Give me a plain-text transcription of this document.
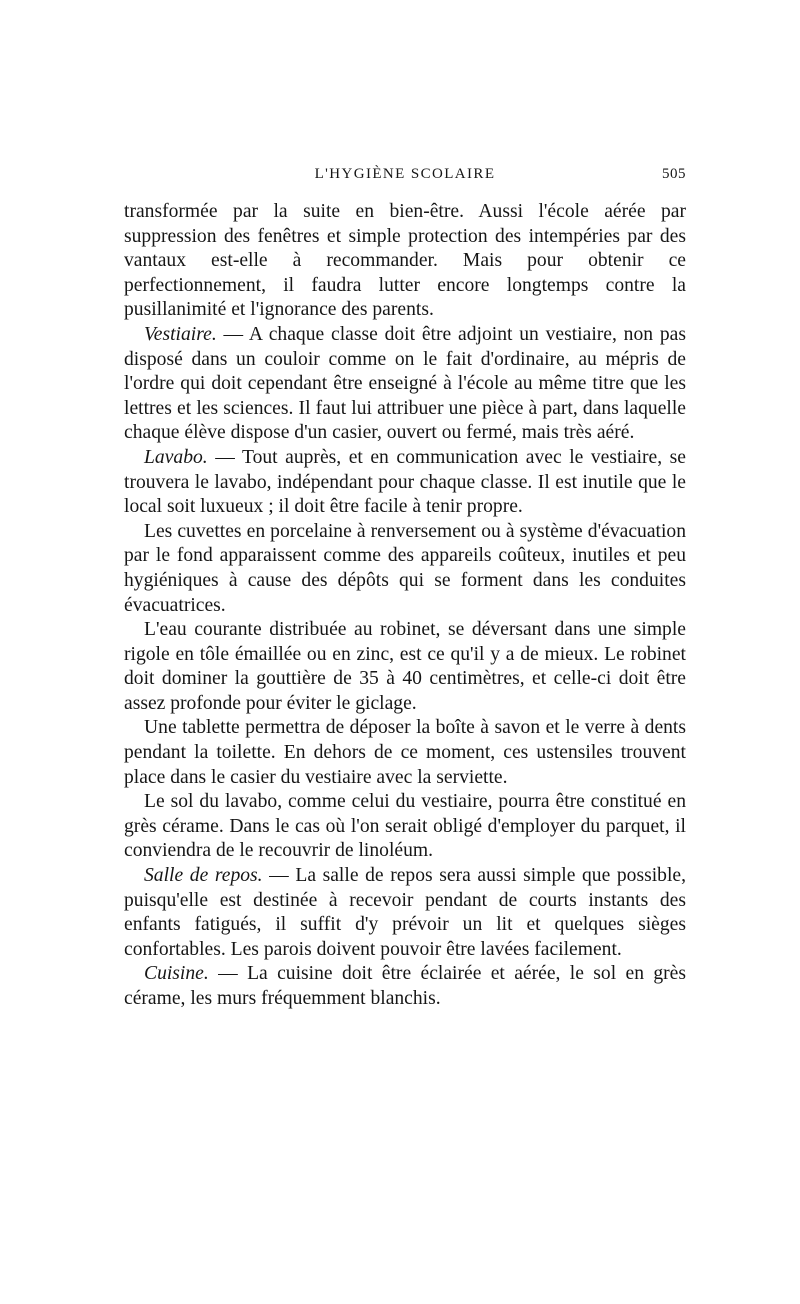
L'HYGIÈNE SCOLAIRE	505

transformée par la suite en bien-être. Aussi l'école aérée par suppression des fenêtres et simple protection des intempéries par des vantaux est-elle à recommander. Mais pour obtenir ce perfectionnement, il faudra lutter encore longtemps contre la pusillanimité et l'ignorance des parents.

Vestiaire. — A chaque classe doit être adjoint un vestiaire, non pas disposé dans un couloir comme on le fait d'ordinaire, au mépris de l'ordre qui doit cependant être enseigné à l'école au même titre que les lettres et les sciences. Il faut lui attribuer une pièce à part, dans laquelle chaque élève dispose d'un casier, ouvert ou fermé, mais très aéré.

Lavabo. — Tout auprès, et en communication avec le vestiaire, se trouvera le lavabo, indépendant pour chaque classe. Il est inutile que le local soit luxueux ; il doit être facile à tenir propre.

Les cuvettes en porcelaine à renversement ou à système d'évacuation par le fond apparaissent comme des appareils coûteux, inutiles et peu hygiéniques à cause des dépôts qui se forment dans les conduites évacuatrices.

L'eau courante distribuée au robinet, se déversant dans une simple rigole en tôle émaillée ou en zinc, est ce qu'il y a de mieux. Le robinet doit dominer la gouttière de 35 à 40 centimètres, et celle-ci doit être assez profonde pour éviter le giclage.

Une tablette permettra de déposer la boîte à savon et le verre à dents pendant la toilette. En dehors de ce moment, ces ustensiles trouvent place dans le casier du vestiaire avec la serviette.

Le sol du lavabo, comme celui du vestiaire, pourra être constitué en grès cérame. Dans le cas où l'on serait obligé d'employer du parquet, il conviendra de le recouvrir de linoléum.

Salle de repos. — La salle de repos sera aussi simple que possible, puisqu'elle est destinée à recevoir pendant de courts instants des enfants fatigués, il suffit d'y prévoir un lit et quelques sièges confortables. Les parois doivent pouvoir être lavées facilement.

Cuisine. — La cuisine doit être éclairée et aérée, le sol en grès cérame, les murs fréquemment blanchis.
